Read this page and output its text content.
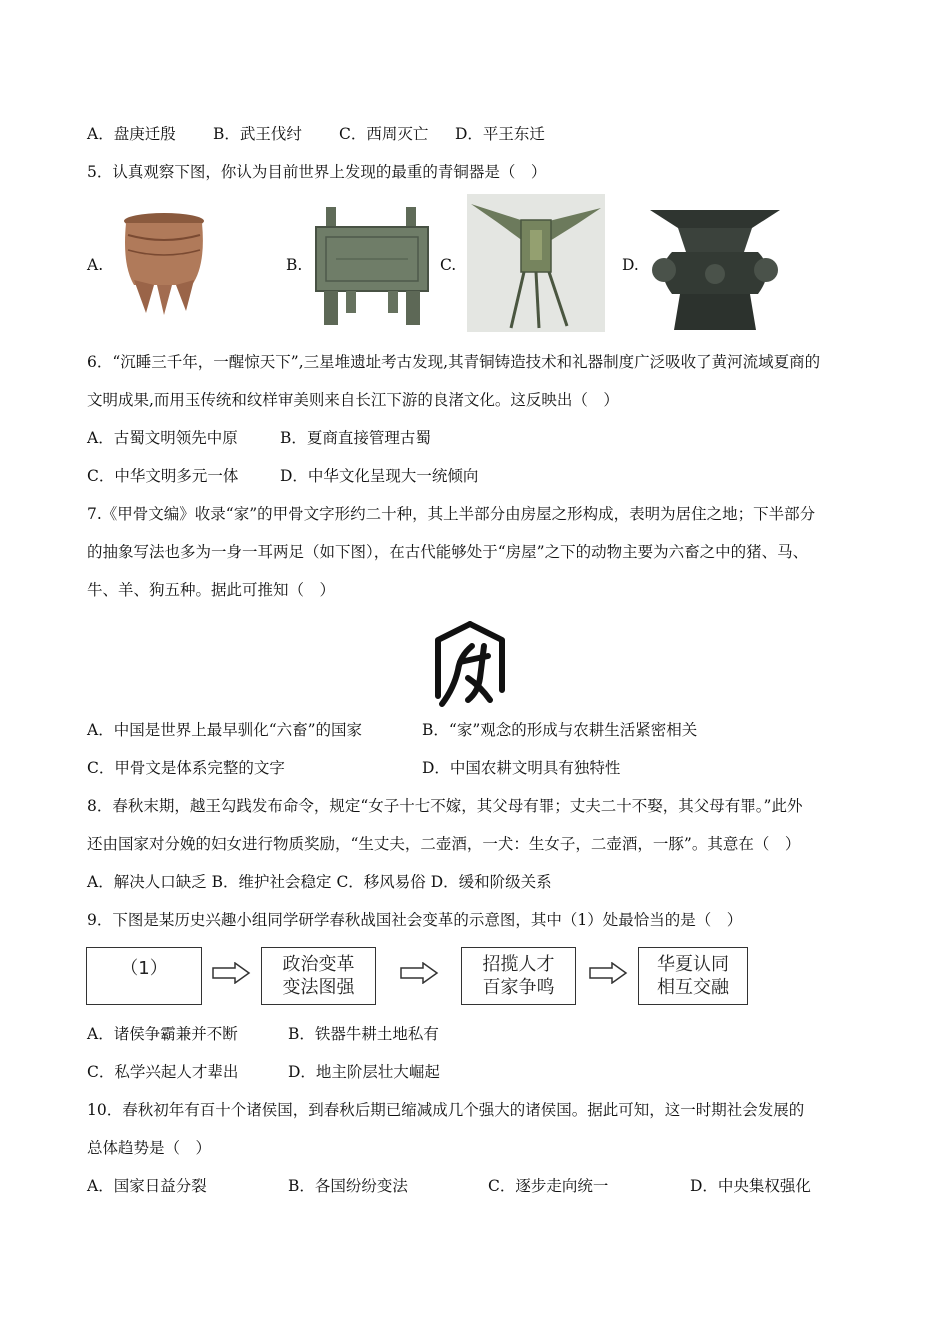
A．盘庚迁殷 B．武王伐纣 C．西周灭亡 D．平王东迁
5．认真观察下图，你认为目前世界上发现的最重的青铜器是（　）
A.	B.	C.	D.
6．“沉睡三千年，一醒惊天下”,三星堆遗址考古发现,其青铜铸造技术和礼器制度广泛吸收了黄河流域夏商的
文明成果,而用玉传统和纹样审美则来自长江下游的良渚文化。这反映出（　）
A．古蜀文明领先中原	B．夏商直接管理古蜀
C．中华文明多元一体	D．中华文化呈现大一统倾向
7.《甲骨文编》收录“家”的甲骨文字形约二十种，其上半部分由房屋之形构成，表明为居住之地；下半部分
的抽象写法也多为一身一耳两足（如下图），在古代能够处于“房屋”之下的动物主要为六畜之中的猪、马、
牛、羊、狗五种。据此可推知（　）
A．中国是世界上最早驯化“六畜”的国家	B．“家”观念的形成与农耕生活紧密相关
C．甲骨文是体系完整的文字	D．中国农耕文明具有独特性
8．春秋末期，越王勾践发布命令，规定“女子十七不嫁，其父母有罪；丈夫二十不娶，其父母有罪。”此外
还由国家对分娩的妇女进行物质奖励，“生丈夫，二壶酒，一犬：生女子，二壶酒，一豚”。其意在（　）
A．解决人口缺乏 B．维护社会稳定 C．移风易俗 D．缓和阶级关系
9．下图是某历史兴趣小组同学研学春秋战国社会变革的示意图，其中（1）处最恰当的是（　）
（1）	政治变革
变法图强
招揽人才
百家争鸣
华夏认同
相互交融
A．诸侯争霸兼并不断	B．铁器牛耕土地私有
C．私学兴起人才辈出	D．地主阶层壮大崛起
10．春秋初年有百十个诸侯国，到春秋后期已缩减成几个强大的诸侯国。据此可知，这一时期社会发展的
总体趋势是（　）
A．国家日益分裂	B．各国纷纷变法	C．逐步走向统一	D．中央集权强化
